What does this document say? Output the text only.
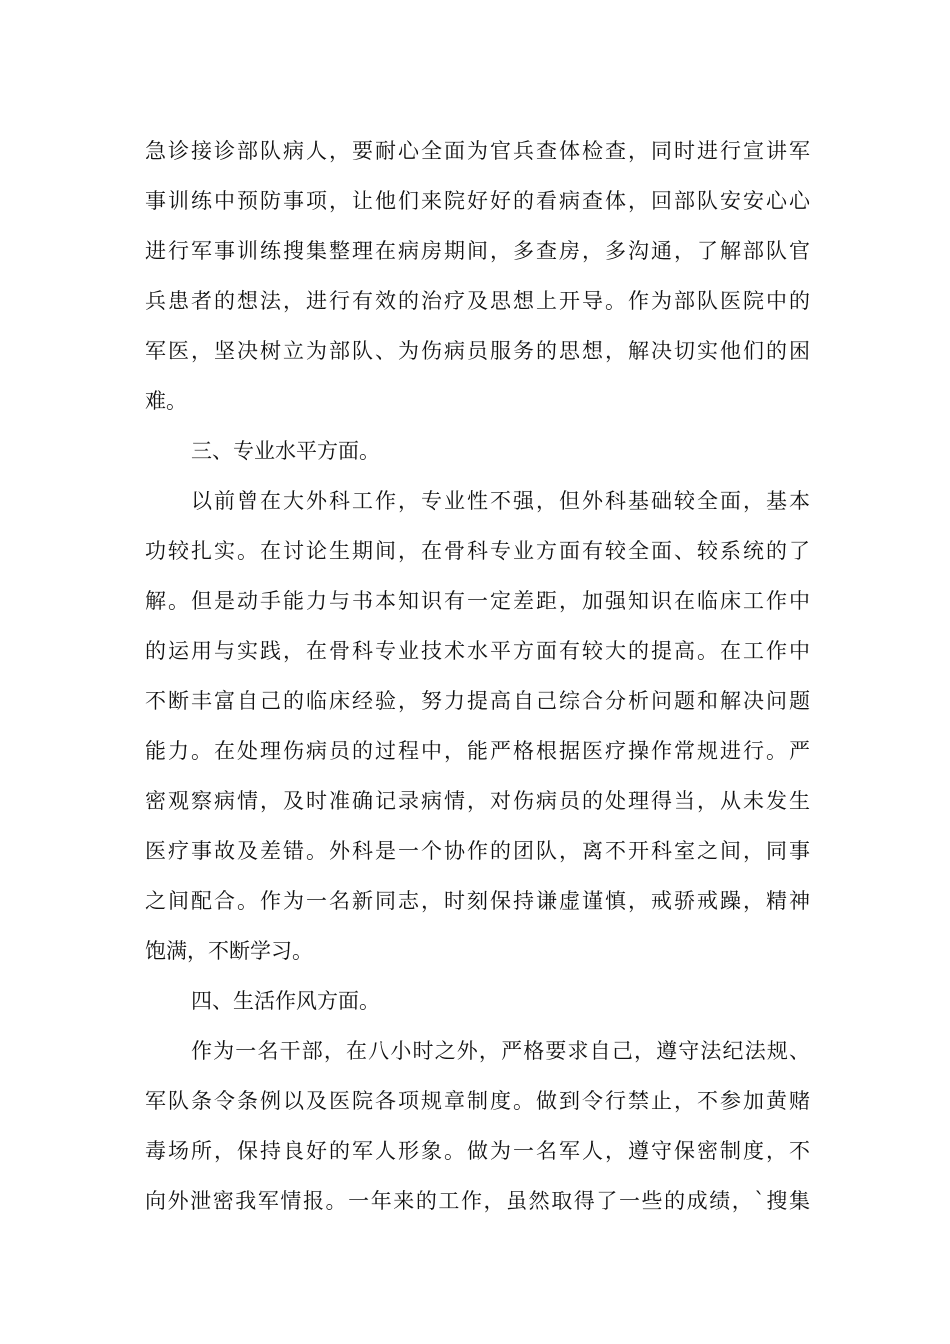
急诊接诊部队病人，要耐心全面为官兵查体检查，同时进行宣讲军
事训练中预防事项，让他们来院好好的看病查体，回部队安安心心
进行军事训练搜集整理在病房期间，多查房，多沟通，了解部队官
兵患者的想法，进行有效的治疗及思想上开导。作为部队医院中的
军医，坚决树立为部队、为伤病员服务的思想，解决切实他们的困
难。
三、专业水平方面。
以前曾在大外科工作，专业性不强，但外科基础较全面，基本
功较扎实。在讨论生期间，在骨科专业方面有较全面、较系统的了
解。但是动手能力与书本知识有一定差距，加强知识在临床工作中
的运用与实践，在骨科专业技术水平方面有较大的提高。在工作中
不断丰富自己的临床经验，努力提高自己综合分析问题和解决问题
能力。在处理伤病员的过程中，能严格根据医疗操作常规进行。严
密观察病情，及时准确记录病情，对伤病员的处理得当，从未发生
医疗事故及差错。外科是一个协作的团队，离不开科室之间，同事
之间配合。作为一名新同志，时刻保持谦虚谨慎，戒骄戒躁，精神
饱满，不断学习。
四、生活作风方面。
作为一名干部，在八小时之外，严格要求自己，遵守法纪法规、
军队条令条例以及医院各项规章制度。做到令行禁止，不参加黄赌
毒场所，保持良好的军人形象。做为一名军人，遵守保密制度，不
向外泄密我军情报。一年来的工作，虽然取得了一些的成绩，`搜集
